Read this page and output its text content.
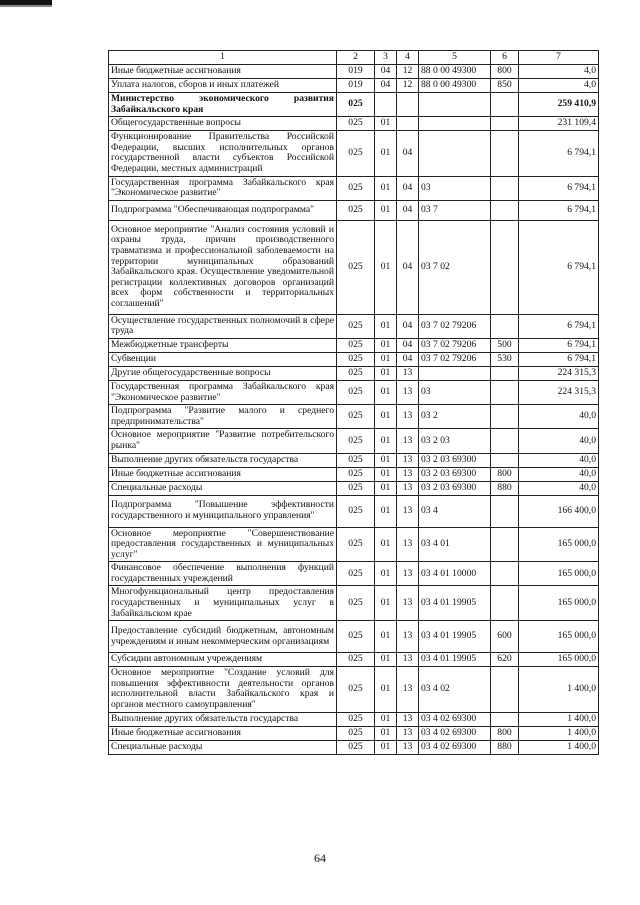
1	2	3	4	5	6	7
Иные бюджетные ассигнования	019	04	12	88 0 00 49300	800	4,0
Уплата налогов, сборов и иных платежей	019	04	12	88 0 00 49300	850	4,0
Министерство экономического развития Забайкальского края	025					259 410,9
Общегосударственные вопросы	025	01				231 109,4
Функционирование Правительства Российской Федерации, высших исполнительных органов государственной власти субъектов Российской Федерации, местных администраций	025	01	04			6 794,1
Государственная программа Забайкальского края "Экономическое развитие"	025	01	04	03		6 794,1
Подпрограмма "Обеспечивающая подпрограмма"	025	01	04	03 7		6 794,1
Основное мероприятие "Анализ состояния условий и охраны труда, причин производственного травматизма и профессиональной заболеваемости на территории муниципальных образований Забайкальского края. Осуществление уведомительной регистрации коллективных договоров организаций всех форм собственности и территориальных соглашений"	025	01	04	03 7 02		6 794,1
Осуществление государственных полномочий в сфере труда	025	01	04	03 7 02 79206		6 794,1
Межбюджетные трансферты	025	01	04	03 7 02 79206	500	6 794,1
Субвенции	025	01	04	03 7 02 79206	530	6 794,1
Другие общегосударственные вопросы	025	01	13			224 315,3
Государственная программа Забайкальского края "Экономическое развитие"	025	01	13	03		224 315,3
Подпрограмма "Развитие малого и среднего предпринимательства"	025	01	13	03 2		40,0
Основное мероприятие "Развитие потребительского рынка"	025	01	13	03 2 03		40,0
Выполнение других обязательств государства	025	01	13	03 2 03 69300		40,0
Иные бюджетные ассигнования	025	01	13	03 2 03 69300	800	40,0
Специальные расходы	025	01	13	03 2 03 69300	880	40,0
Подпрограмма "Повышение эффективности государственного и муниципального управления"	025	01	13	03 4		166 400,0
Основное мероприятие "Совершенствование предоставления государственных и муниципальных услуг"	025	01	13	03 4 01		165 000,0
Финансовое обеспечение выполнения функций государственных учреждений	025	01	13	03 4 01 10000		165 000,0
Многофункциональный центр предоставления государственных и муниципальных услуг в Забайкальском крае	025	01	13	03 4 01 19905		165 000,0
Предоставление субсидий бюджетным, автономным учреждениям и иным некоммерческим организациям	025	01	13	03 4 01 19905	600	165 000,0
Субсидии автономным учреждениям	025	01	13	03 4 01 19905	620	165 000,0
Основное мероприятие "Создание условий для повышения эффективности деятельности органов исполнительной власти Забайкальского края и органов местного самоуправления"	025	01	13	03 4 02		1 400,0
Выполнение других обязательств государства	025	01	13	03 4 02 69300		1 400,0
Иные бюджетные ассигнования	025	01	13	03 4 02 69300	800	1 400,0
Специальные расходы	025	01	13	03 4 02 69300	880	1 400,0
64
